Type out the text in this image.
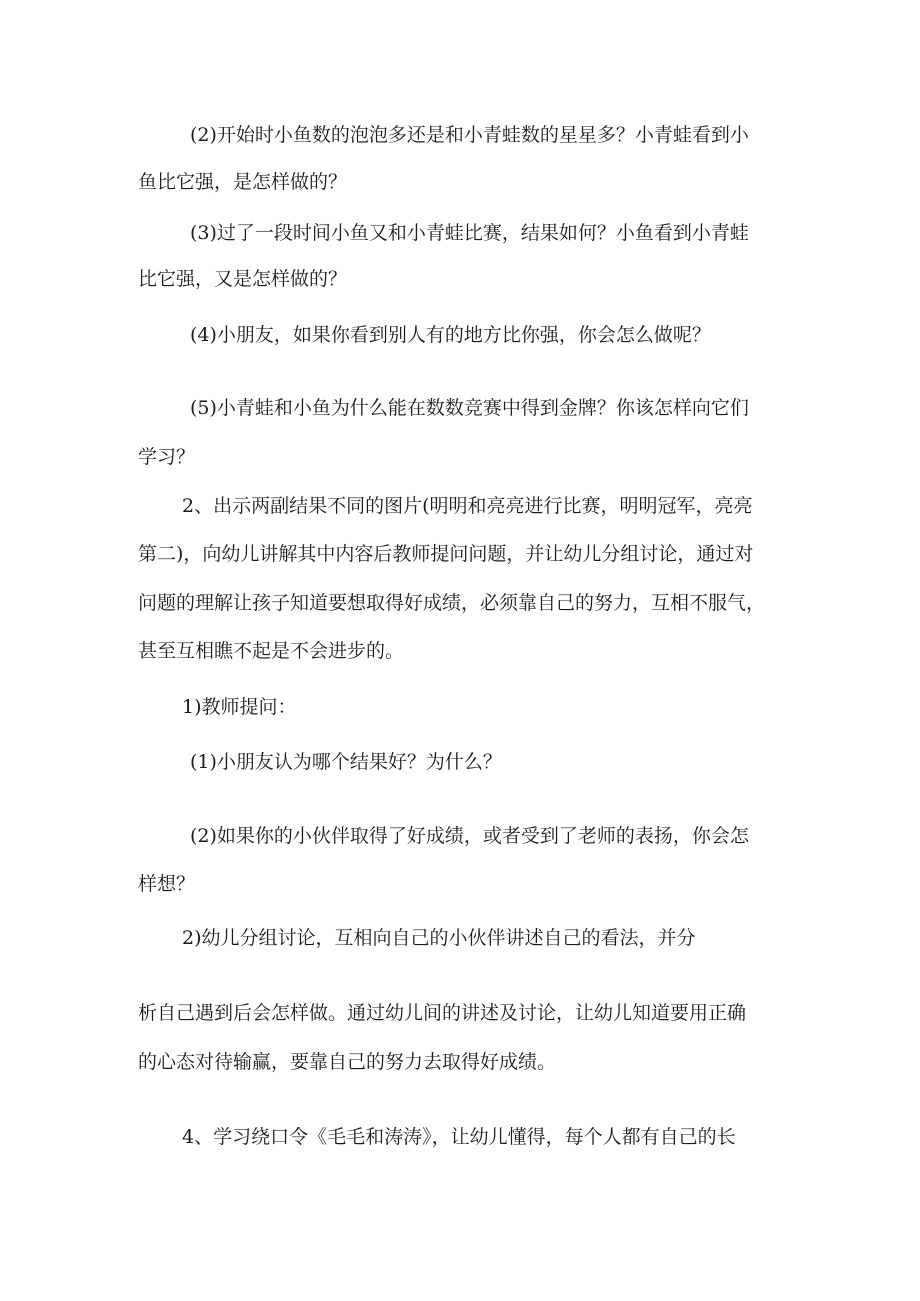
(2)开始时小鱼数的泡泡多还是和小青蛙数的星星多？小青蛙看到小
鱼比它强，是怎样做的？
(3)过了一段时间小鱼又和小青蛙比赛，结果如何？小鱼看到小青蛙
比它强，又是怎样做的？
(4)小朋友，如果你看到别人有的地方比你强，你会怎么做呢？
(5)小青蛙和小鱼为什么能在数数竞赛中得到金牌？你该怎样向它们
学习？
2、出示两副结果不同的图片(明明和亮亮进行比赛，明明冠军，亮亮
第二)，向幼儿讲解其中内容后教师提问问题，并让幼儿分组讨论，通过对
问题的理解让孩子知道要想取得好成绩，必须靠自己的努力，互相不服气，
甚至互相瞧不起是不会进步的。
1)教师提问：
(1)小朋友认为哪个结果好？为什么？
(2)如果你的小伙伴取得了好成绩，或者受到了老师的表扬，你会怎
样想？
2)幼儿分组讨论，互相向自己的小伙伴讲述自己的看法，并分
析自己遇到后会怎样做。通过幼儿间的讲述及讨论，让幼儿知道要用正确
的心态对待输赢，要靠自己的努力去取得好成绩。
4、学习绕口令《毛毛和涛涛》，让幼儿懂得，每个人都有自己的长
